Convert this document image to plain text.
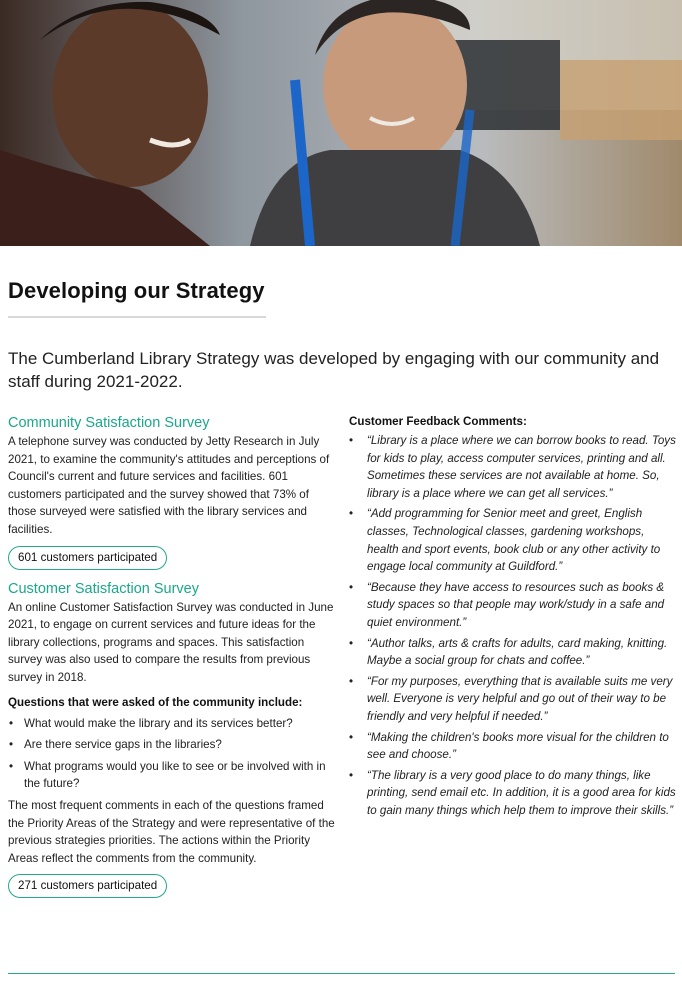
Developing our Strategy

The Cumberland Library Strategy was developed by engaging with our community and staff during 2021-2022.

Community Satisfaction Survey

A telephone survey was conducted by Jetty Research in July 2021, to examine the community's attitudes and perceptions of Council's current and future services and facilities. 601 customers participated and the survey showed that 73% of those surveyed were satisfied with the library services and facilities.

601 customers participated
Customer Satisfaction Survey

An online Customer Satisfaction Survey was conducted in June 2021, to engage on current services and future ideas for the library collections, programs and spaces. This satisfaction survey was also used to compare the results from previous survey in 2018.

Questions that were asked of the community include:

• What would make the library and its services better?
• Are there service gaps in the libraries?
• What programs would you like to see or be involved with in the future?

The most frequent comments in each of the questions framed the Priority Areas of the Strategy and were representative of the previous strategies priorities. The actions within the Priority Areas reflect the comments from the community.

271 customers participated

Customer Feedback Comments:

• “Library is a place where we can borrow books to read. Toys for kids to play, access computer services, printing and all. Sometimes these services are not available at home. So, library is a place where we can get all services.”
• “Add programming for Senior meet and greet, English classes, Technological classes, gardening workshops, health and sport events, book club or any other activity to engage local community at Guildford.”
• “Because they have access to resources such as books & study spaces so that people may work/study in a safe and quiet environment.”
• “Author talks, arts & crafts for adults, card making, knitting. Maybe a social group for chats and coffee.”
• “For my purposes, everything that is available suits me very well. Everyone is very helpful and go out of their way to be friendly and very helpful if needed.”
• “Making the children's books more visual for the children to see and choose.”
• “The library is a very good place to do many things, like printing, send email etc. In addition, it is a good area for kids to gain many things which help them to improve their skills.”
